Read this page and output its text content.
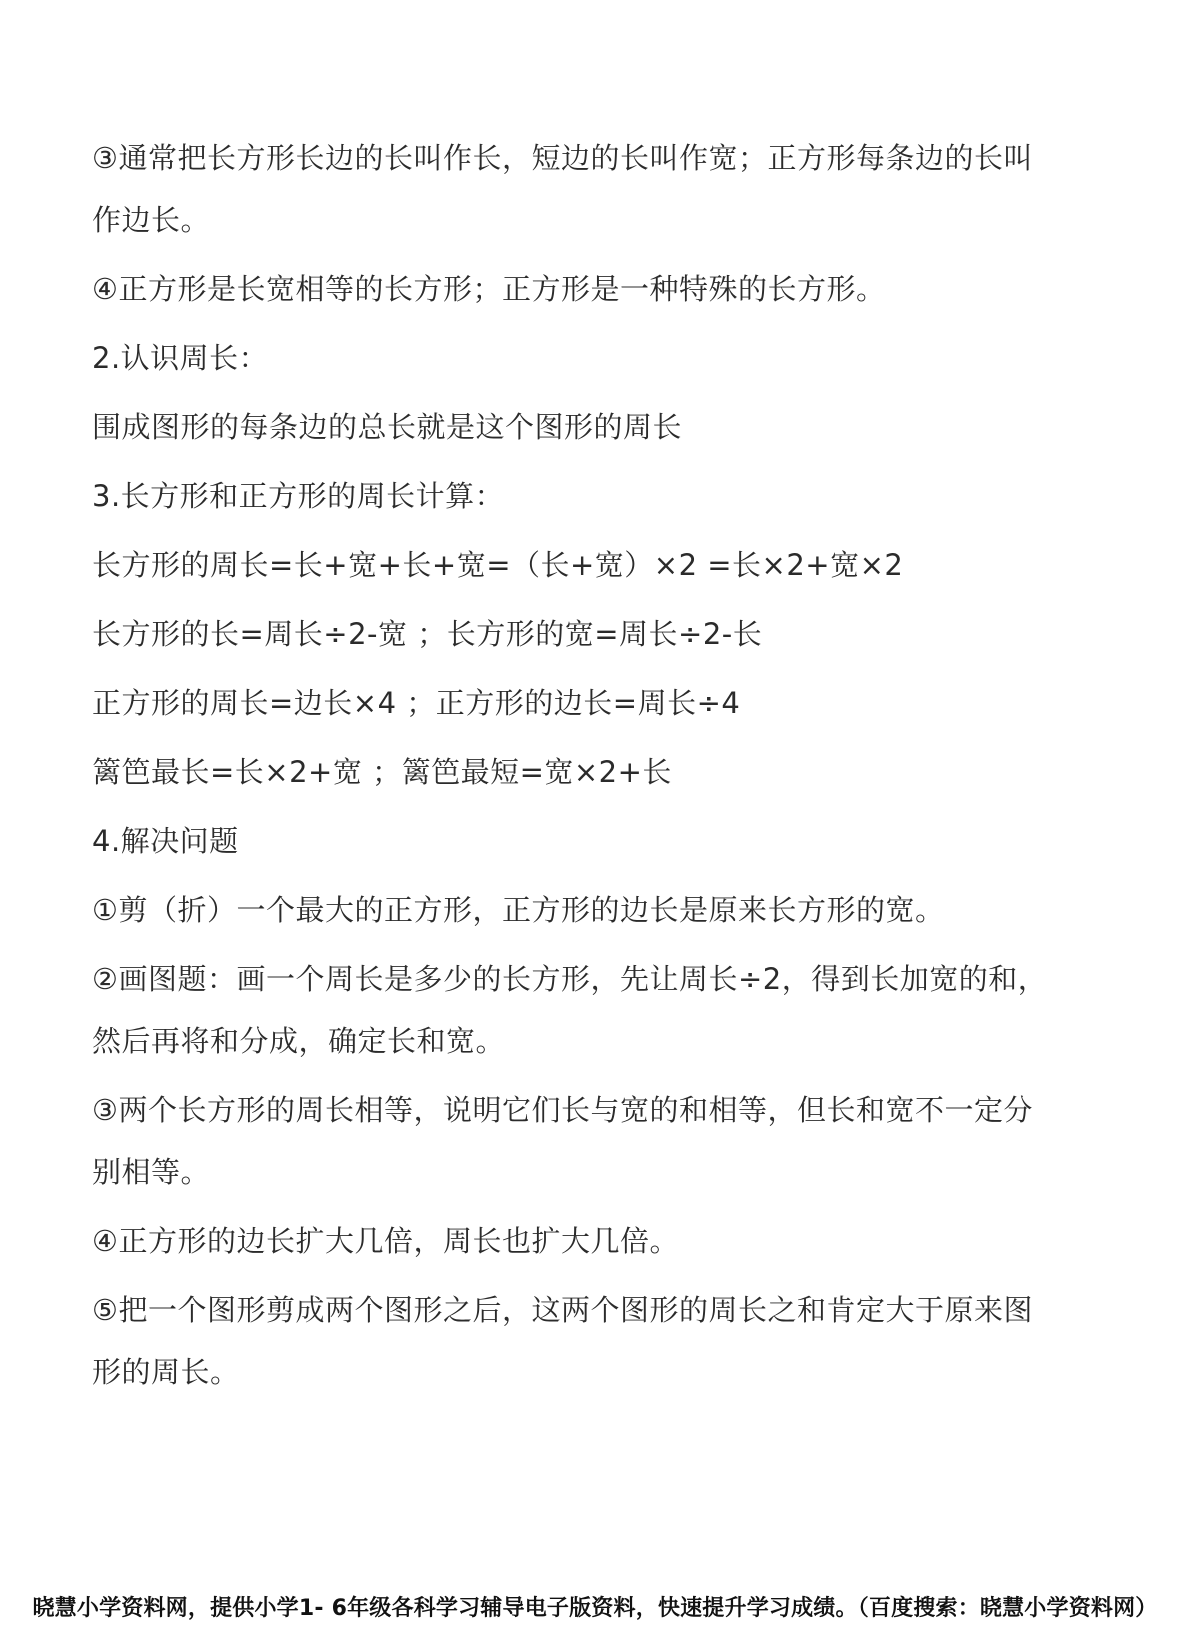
③通常把长方形长边的长叫作长，短边的长叫作宽；正方形每条边的长叫
作边长。
④正方形是长宽相等的长方形；正方形是一种特殊的长方形。
2.认识周长：
围成图形的每条边的总长就是这个图形的周长
3.长方形和正方形的周长计算：
长方形的周长=长+宽+长+宽=（长+宽）×2 =长×2+宽×2
长方形的长=周长÷2-宽 ；长方形的宽=周长÷2-长
正方形的周长=边长×4 ；正方形的边长=周长÷4
篱笆最长=长×2+宽 ；篱笆最短=宽×2+长
4.解决问题
①剪（折）一个最大的正方形，正方形的边长是原来长方形的宽。
②画图题：画一个周长是多少的长方形，先让周长÷2，得到长加宽的和，
然后再将和分成，确定长和宽。
③两个长方形的周长相等，说明它们长与宽的和相等，但长和宽不一定分
别相等。
④正方形的边长扩大几倍，周长也扩大几倍。
⑤把一个图形剪成两个图形之后，这两个图形的周长之和肯定大于原来图
形的周长。
晓慧小学资料网，提供小学1- 6年级各科学习辅导电子版资料，快速提升学习成绩。（百度搜索：晓慧小学资料网）
